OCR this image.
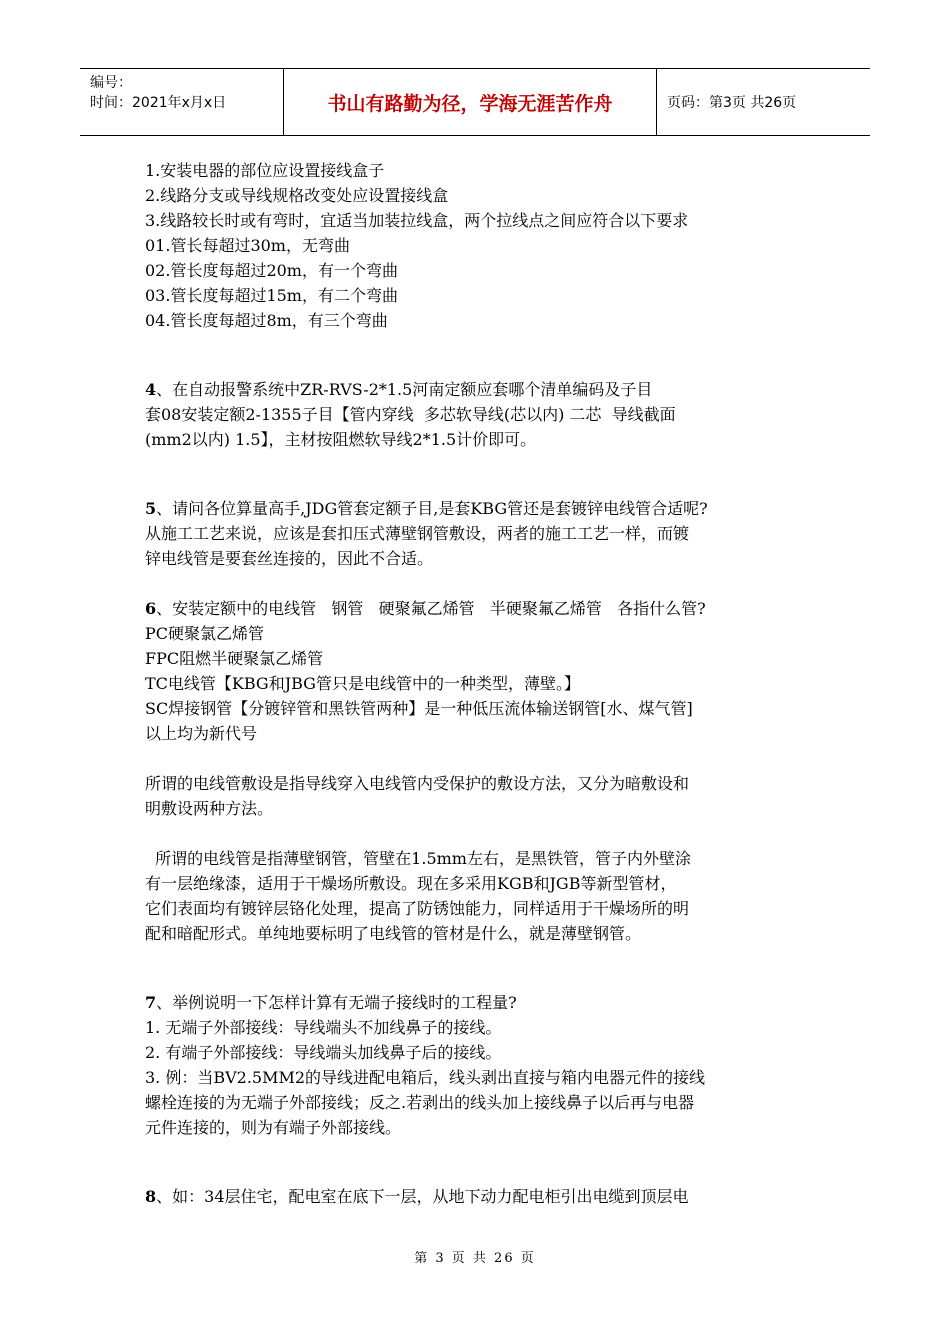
编号：
时间：2021年x月x日	书山有路勤为径，学海无涯苦作舟	页码：第3页 共26页

1.安装电器的部位应设置接线盒子

2.线路分支或导线规格改变处应设置接线盒

3.线路较长时或有弯时，宜适当加装拉线盒，两个拉线点之间应符合以下要求

01.管长每超过30m，无弯曲

02.管长度每超过20m，有一个弯曲

03.管长度每超过15m，有二个弯曲

04.管长度每超过8m，有三个弯曲

4、在自动报警系统中ZR-RVS-2*1.5河南定额应套哪个清单编码及子目

套08安装定额2-1355子目【管内穿线  多芯软导线(芯以内) 二芯  导线截面

(mm2以内) 1.5】，主材按阻燃软导线2*1.5计价即可。

5、请问各位算量高手,JDG管套定额子目,是套KBG管还是套镀锌电线管合适呢?

从施工工艺来说，应该是套扣压式薄壁钢管敷设，两者的施工工艺一样，而镀

锌电线管是要套丝连接的，因此不合适。

6、安装定额中的电线管   钢管   硬聚氟乙烯管   半硬聚氟乙烯管   各指什么管?

PC硬聚氯乙烯管

FPC阻燃半硬聚氯乙烯管

TC电线管【KBG和JBG管只是电线管中的一种类型，薄壁。】

SC焊接钢管【分镀锌管和黑铁管两种】是一种低压流体输送钢管[水、煤气管]

以上均为新代号

所谓的电线管敷设是指导线穿入电线管内受保护的敷设方法，又分为暗敷设和

明敷设两种方法。

所谓的电线管是指薄壁钢管，管壁在1.5mm左右，是黑铁管，管子内外壁涂

有一层绝缘漆，适用于干燥场所敷设。现在多采用KGB和JGB等新型管材，

它们表面均有镀锌层铬化处理，提高了防锈蚀能力，同样适用于干燥场所的明

配和暗配形式。单纯地要标明了电线管的管材是什么，就是薄壁钢管。

7、举例说明一下怎样计算有无端子接线时的工程量?

1. 无端子外部接线：导线端头不加线鼻子的接线。

2. 有端子外部接线：导线端头加线鼻子后的接线。

3. 例：当BV2.5MM2的导线进配电箱后，线头剥出直接与箱内电器元件的接线

螺栓连接的为无端子外部接线；反之.若剥出的线头加上接线鼻子以后再与电器

元件连接的，则为有端子外部接线。

8、如：34层住宅，配电室在底下一层，从地下动力配电柜引出电缆到顶层电

第 3 页 共 26 页
